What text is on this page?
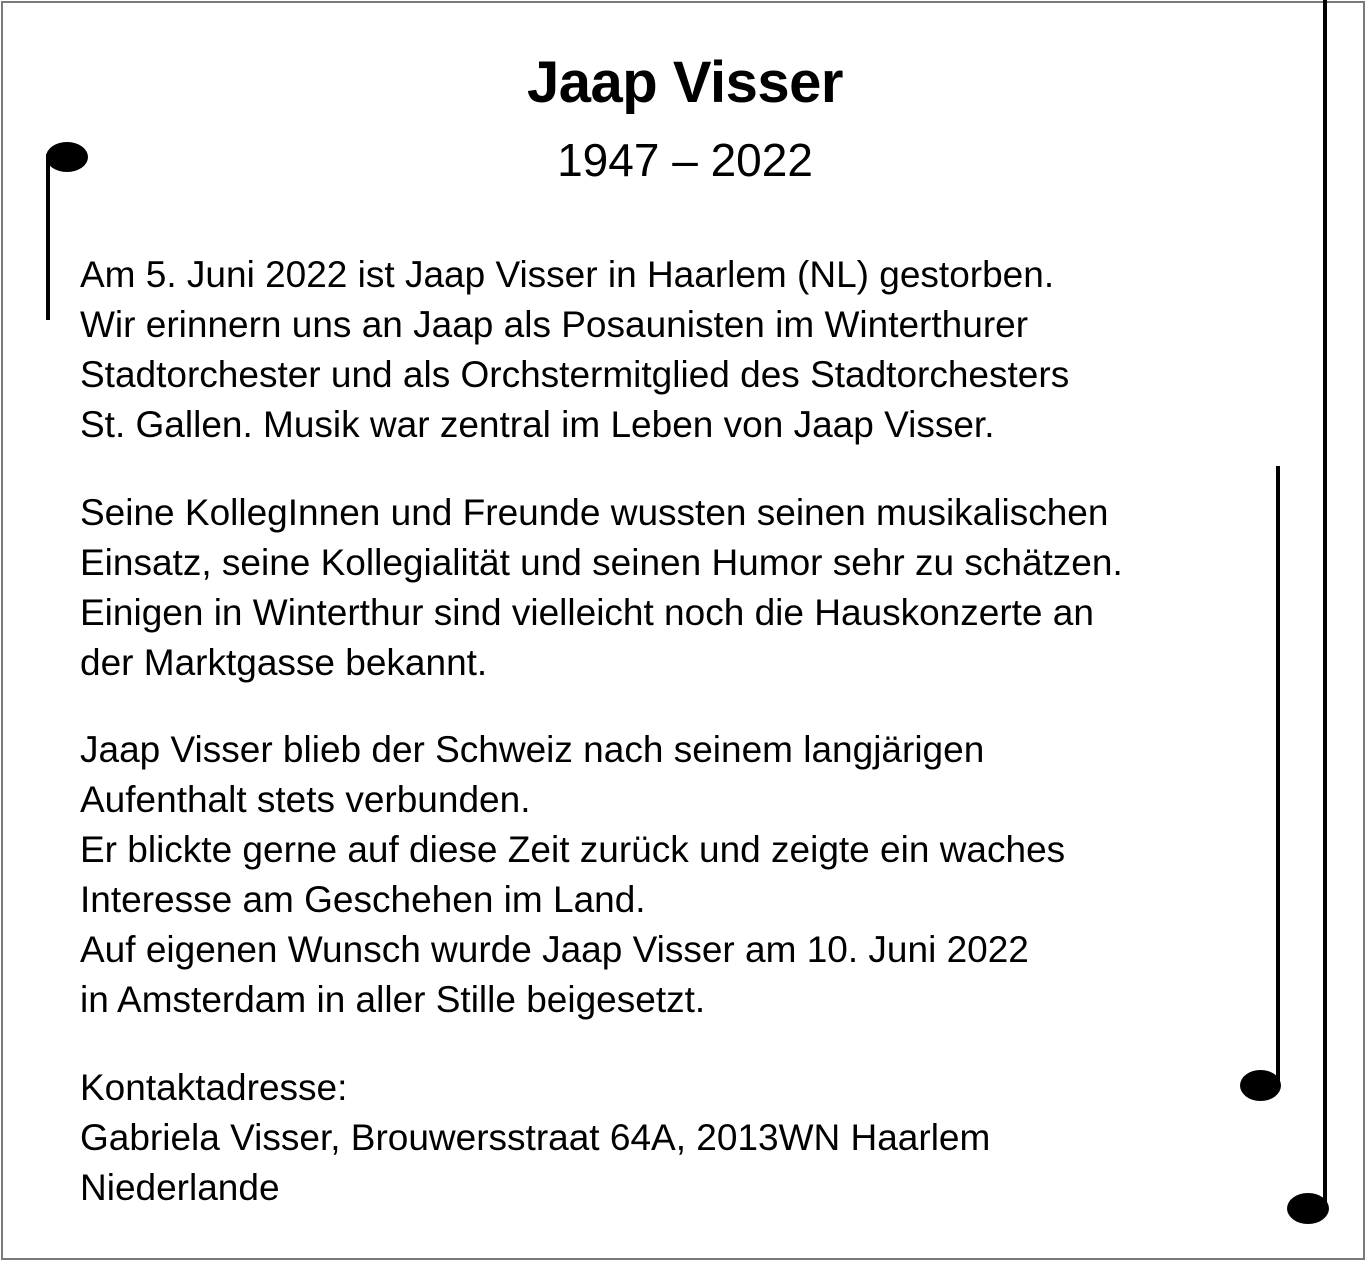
Jaap Visser
1947 – 2022
Am 5. Juni 2022 ist Jaap Visser in Haarlem (NL) gestorben.
Wir erinnern uns an Jaap als Posaunisten im Winterthurer
Stadtorchester und als Orchstermitglied des Stadtorchesters
St. Gallen. Musik war zentral im Leben von Jaap Visser.
Seine KollegInnen und Freunde wussten seinen musikalischen
Einsatz, seine Kollegialität und seinen Humor sehr zu schätzen.
Einigen in Winterthur sind vielleicht noch die Hauskonzerte an
der Marktgasse bekannt.
Jaap Visser blieb der Schweiz nach seinem langjärigen
Aufenthalt stets verbunden.
Er blickte gerne auf diese Zeit zurück und zeigte ein waches
Interesse am Geschehen im Land.
Auf eigenen Wunsch wurde Jaap Visser am 10. Juni 2022
in Amsterdam in aller Stille beigesetzt.
Kontaktadresse:
Gabriela Visser, Brouwersstraat 64A, 2013WN Haarlem
Niederlande
